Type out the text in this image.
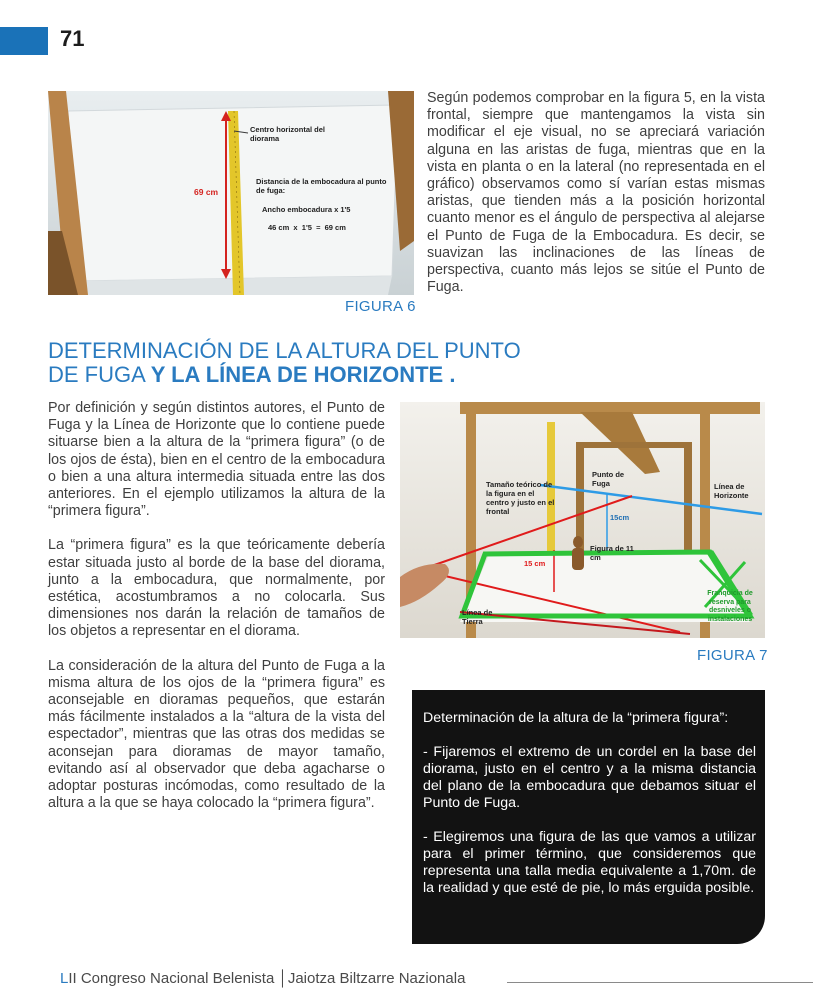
71
69 cm
Centro horizontal del diorama
Distancia de la embocadura al punto de fuga:
Ancho embocadura x 1'5
46 cm  x  1'5  =  69 cm
FIGURA 6
Según podemos comprobar en la figura 5, en la vista frontal, siempre que mantengamos la vista sin modificar el eje visual, no se apreciará variación alguna en las aristas de fuga, mientras que en la vista en planta o en la lateral (no representada en el gráfico) observamos como sí varían estas mismas aristas, que tienden más a la posición horizontal cuanto menor es el ángulo de perspectiva al alejarse el Punto de Fuga de la Embocadura. Es decir, se suavizan las inclinaciones de las líneas de perspectiva, cuanto más lejos se sitúe el Punto de Fuga.
DETERMINACIÓN DE LA ALTURA DEL PUNTO
DE FUGA Y LA LÍNEA DE HORIZONTE .

Por definición y según distintos autores, el Punto de Fuga y la Línea de Horizonte que lo contiene puede situarse bien a la altura de la “primera figura” (o de los ojos de ésta), bien en el centro de la embocadura o bien a una altura intermedia situada entre las dos anteriores. En el ejemplo utilizamos la altura de la “primera figura”.

La “primera figura” es la que teóricamente debería estar situada justo al borde de la base del diorama, junto a la embocadura, que normalmente, por estética, acostumbramos a no colocarla. Sus dimensiones nos darán la relación de tamaños de los objetos a representar en el diorama.

La consideración de la altura del Punto de Fuga a la misma altura de los ojos de la “primera figura” es aconsejable en dioramas pequeños, que estarán más fácilmente instalados a la “altura de la vista del espectador”, mientras que las otras dos medidas se aconsejan para dioramas de mayor tamaño, evitando así al observador que deba agacharse o adoptar posturas incómodas, como resultado de la altura a la que se haya colocado la “primera figura”.

Tamaño teórico de la figura en el centro y justo en el frontal
Punto de Fuga	Línea de Horizonte
15cm
15 cm
Figura de 11 cm
Línea de Tierra
Franquicia de reserva para desniveles o instalaciones
FIGURA 7

Determinación de la altura de la “primera figura”:

- Fijaremos el extremo de un cordel en la base del diorama, justo en el centro y a la misma distancia del plano de la embocadura que debamos situar el Punto de Fuga.

- Elegiremos una figura de las que vamos a utilizar para el primer término, que consideremos que representa una talla media equivalente a 1,70m. de la realidad y que esté de pie, lo más erguida posible.

LII Congreso Nacional Belenista │Jaiotza Biltzarre Nazionala
